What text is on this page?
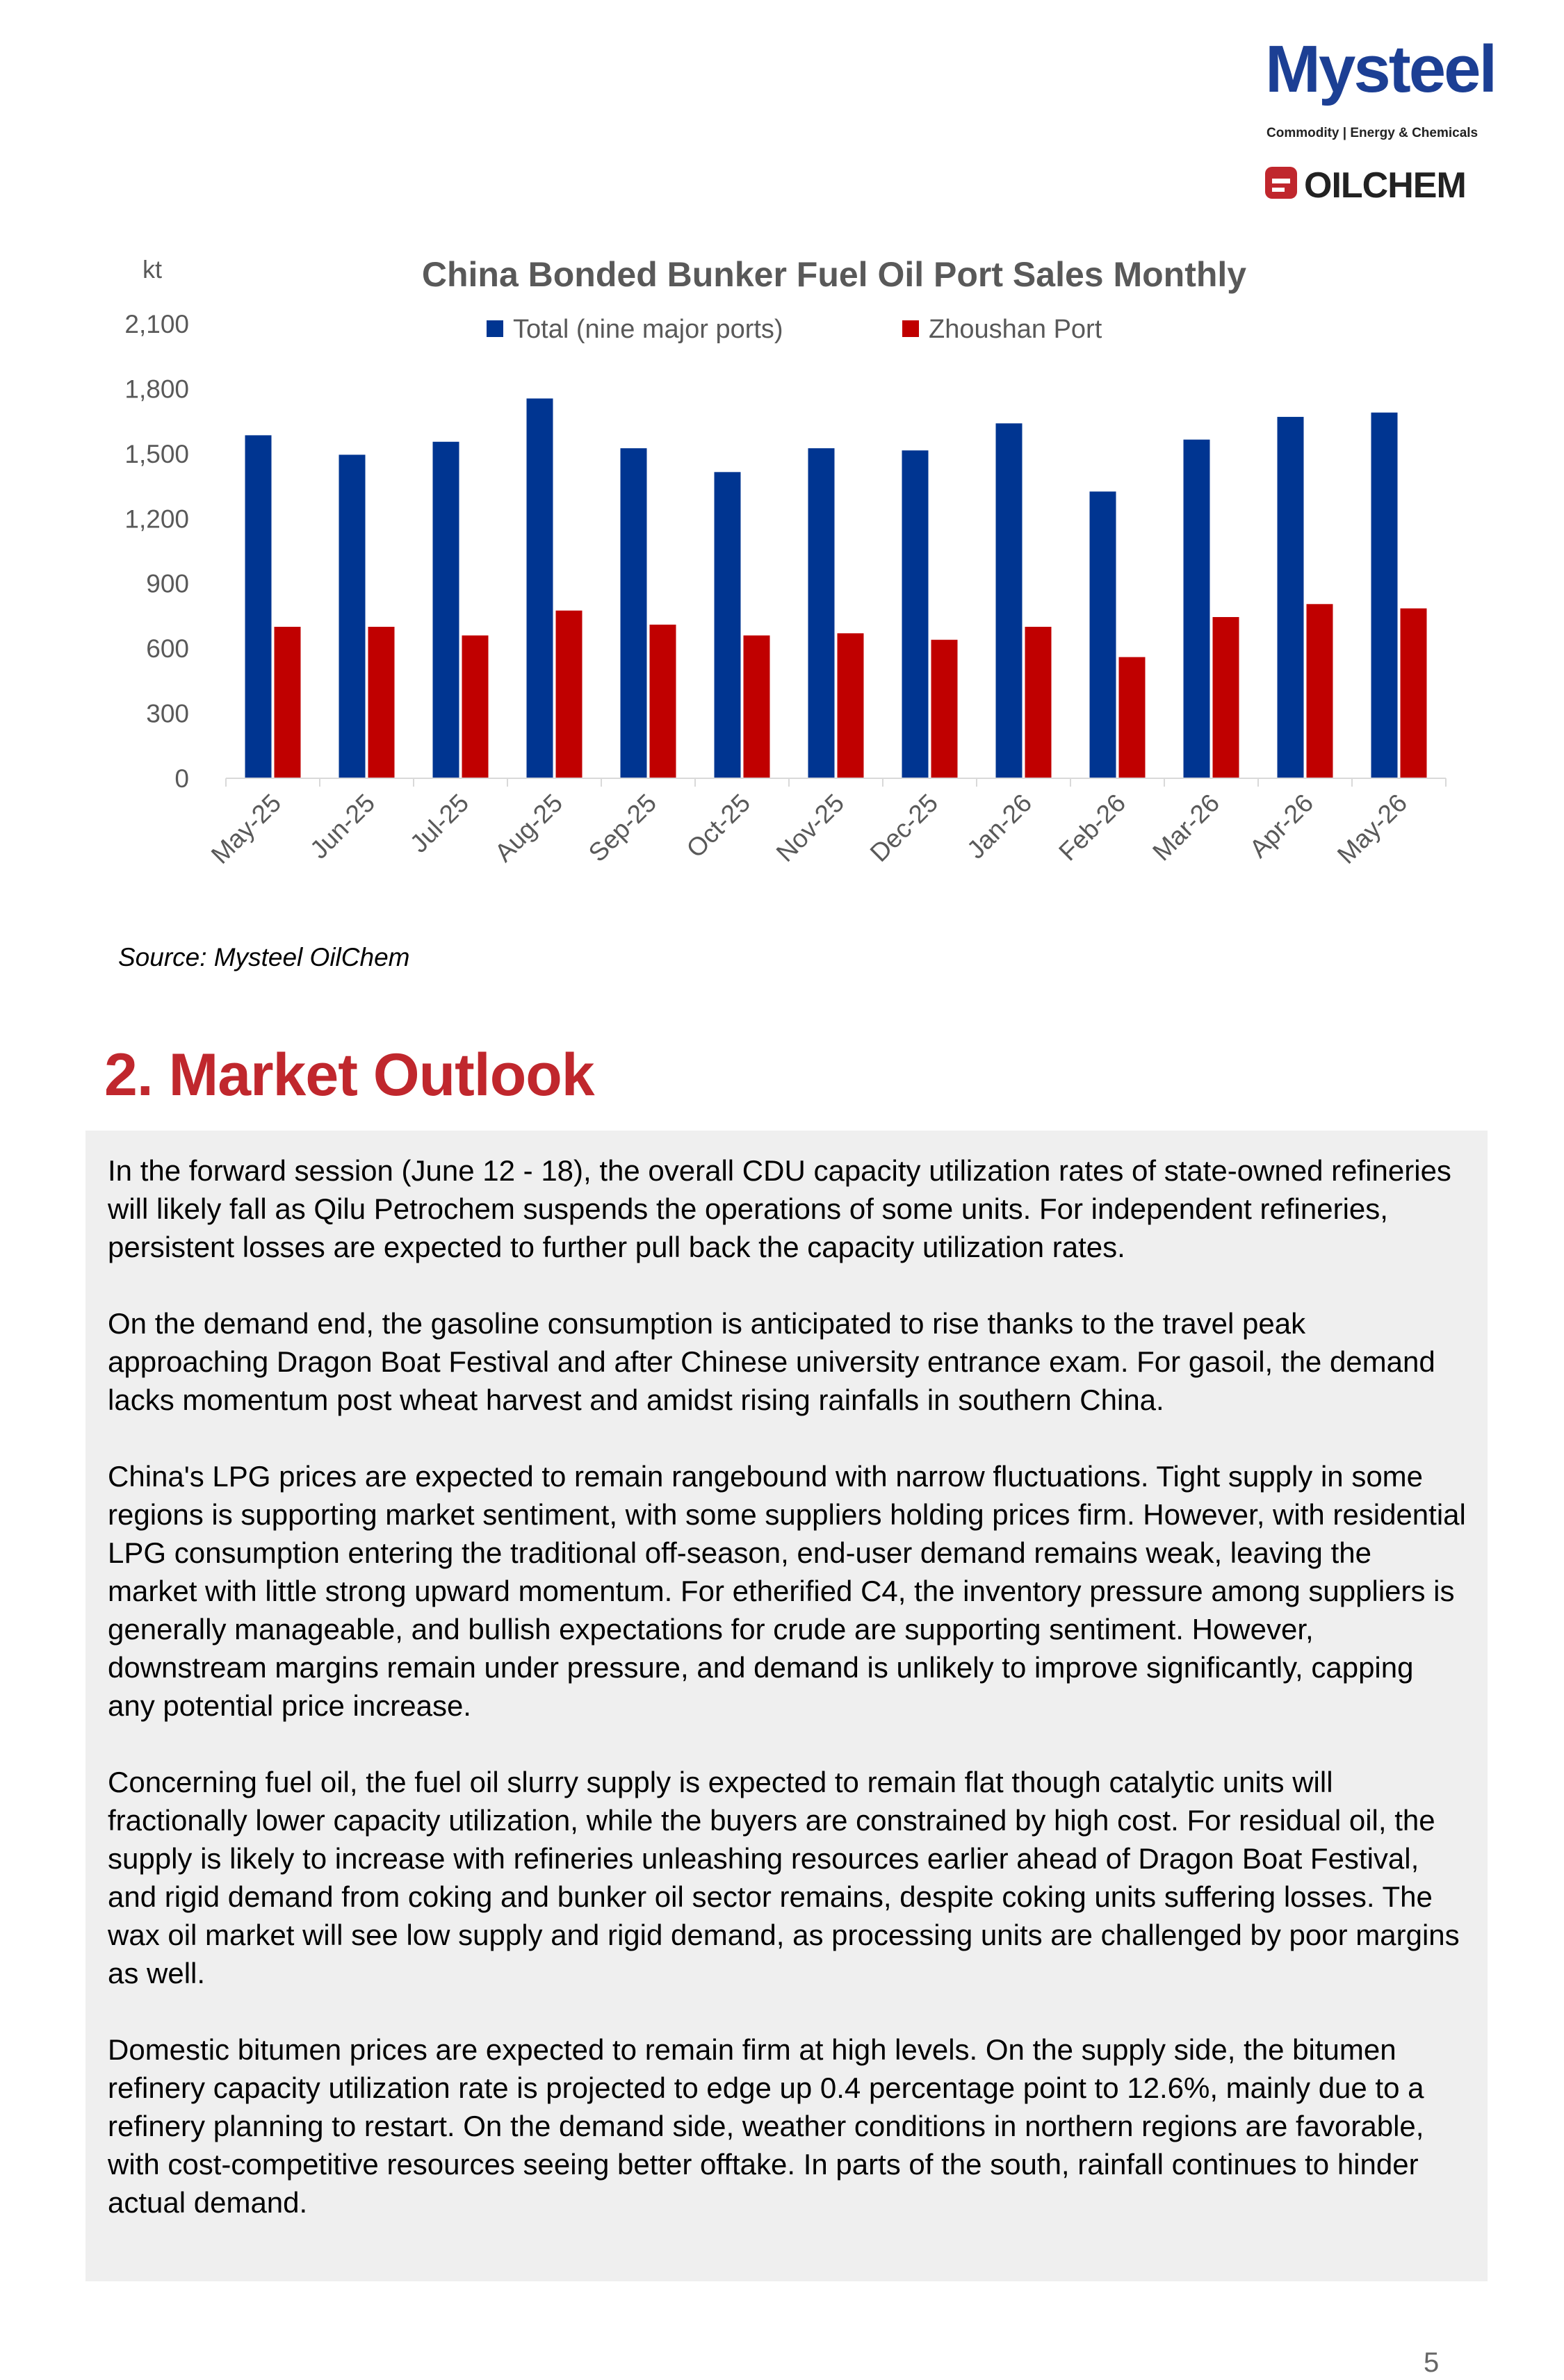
Mysteel
Commodity | Energy & Chemicals
OILCHEM
kt	China Bonded Bunker Fuel Oil Port Sales Monthly
Total (nine major ports)	Zhoushan Port
0
300
600
900
1,200
1,500
1,800
2,100
May-25 Jun-25 Jul-25 Aug-25 Sep-25 Oct-25 Nov-25 Dec-25 Jan-26 Feb-26 Mar-26 Apr-26 May-26
Source: Mysteel OilChem
2. Market Outlook

In the forward session (June 12 - 18), the overall CDU capacity utilization rates of state-owned refineries will likely fall as Qilu Petrochem suspends the operations of some units. For independent refineries, persistent losses are expected to further pull back the capacity utilization rates.

On the demand end, the gasoline consumption is anticipated to rise thanks to the travel peak approaching Dragon Boat Festival and after Chinese university entrance exam. For gasoil, the demand lacks momentum post wheat harvest and amidst rising rainfalls in southern China.

China's LPG prices are expected to remain rangebound with narrow fluctuations. Tight supply in some regions is supporting market sentiment, with some suppliers holding prices firm. However, with residential LPG consumption entering the traditional off-season, end-user demand remains weak, leaving the market with little strong upward momentum. For etherified C4, the inventory pressure among suppliers is generally manageable, and bullish expectations for crude are supporting sentiment. However, downstream margins remain under pressure, and demand is unlikely to improve significantly, capping any potential price increase.

Concerning fuel oil, the fuel oil slurry supply is expected to remain flat though catalytic units will fractionally lower capacity utilization, while the buyers are constrained by high cost. For residual oil, the supply is likely to increase with refineries unleashing resources earlier ahead of Dragon Boat Festival, and rigid demand from coking and bunker oil sector remains, despite coking units suffering losses. The wax oil market will see low supply and rigid demand, as processing units are challenged by poor margins as well.

Domestic bitumen prices are expected to remain firm at high levels. On the supply side, the bitumen refinery capacity utilization rate is projected to edge up 0.4 percentage point to 12.6%, mainly due to a refinery planning to restart. On the demand side, weather conditions in northern regions are favorable, with cost-competitive resources seeing better offtake. In parts of the south, rainfall continues to hinder actual demand.

5
